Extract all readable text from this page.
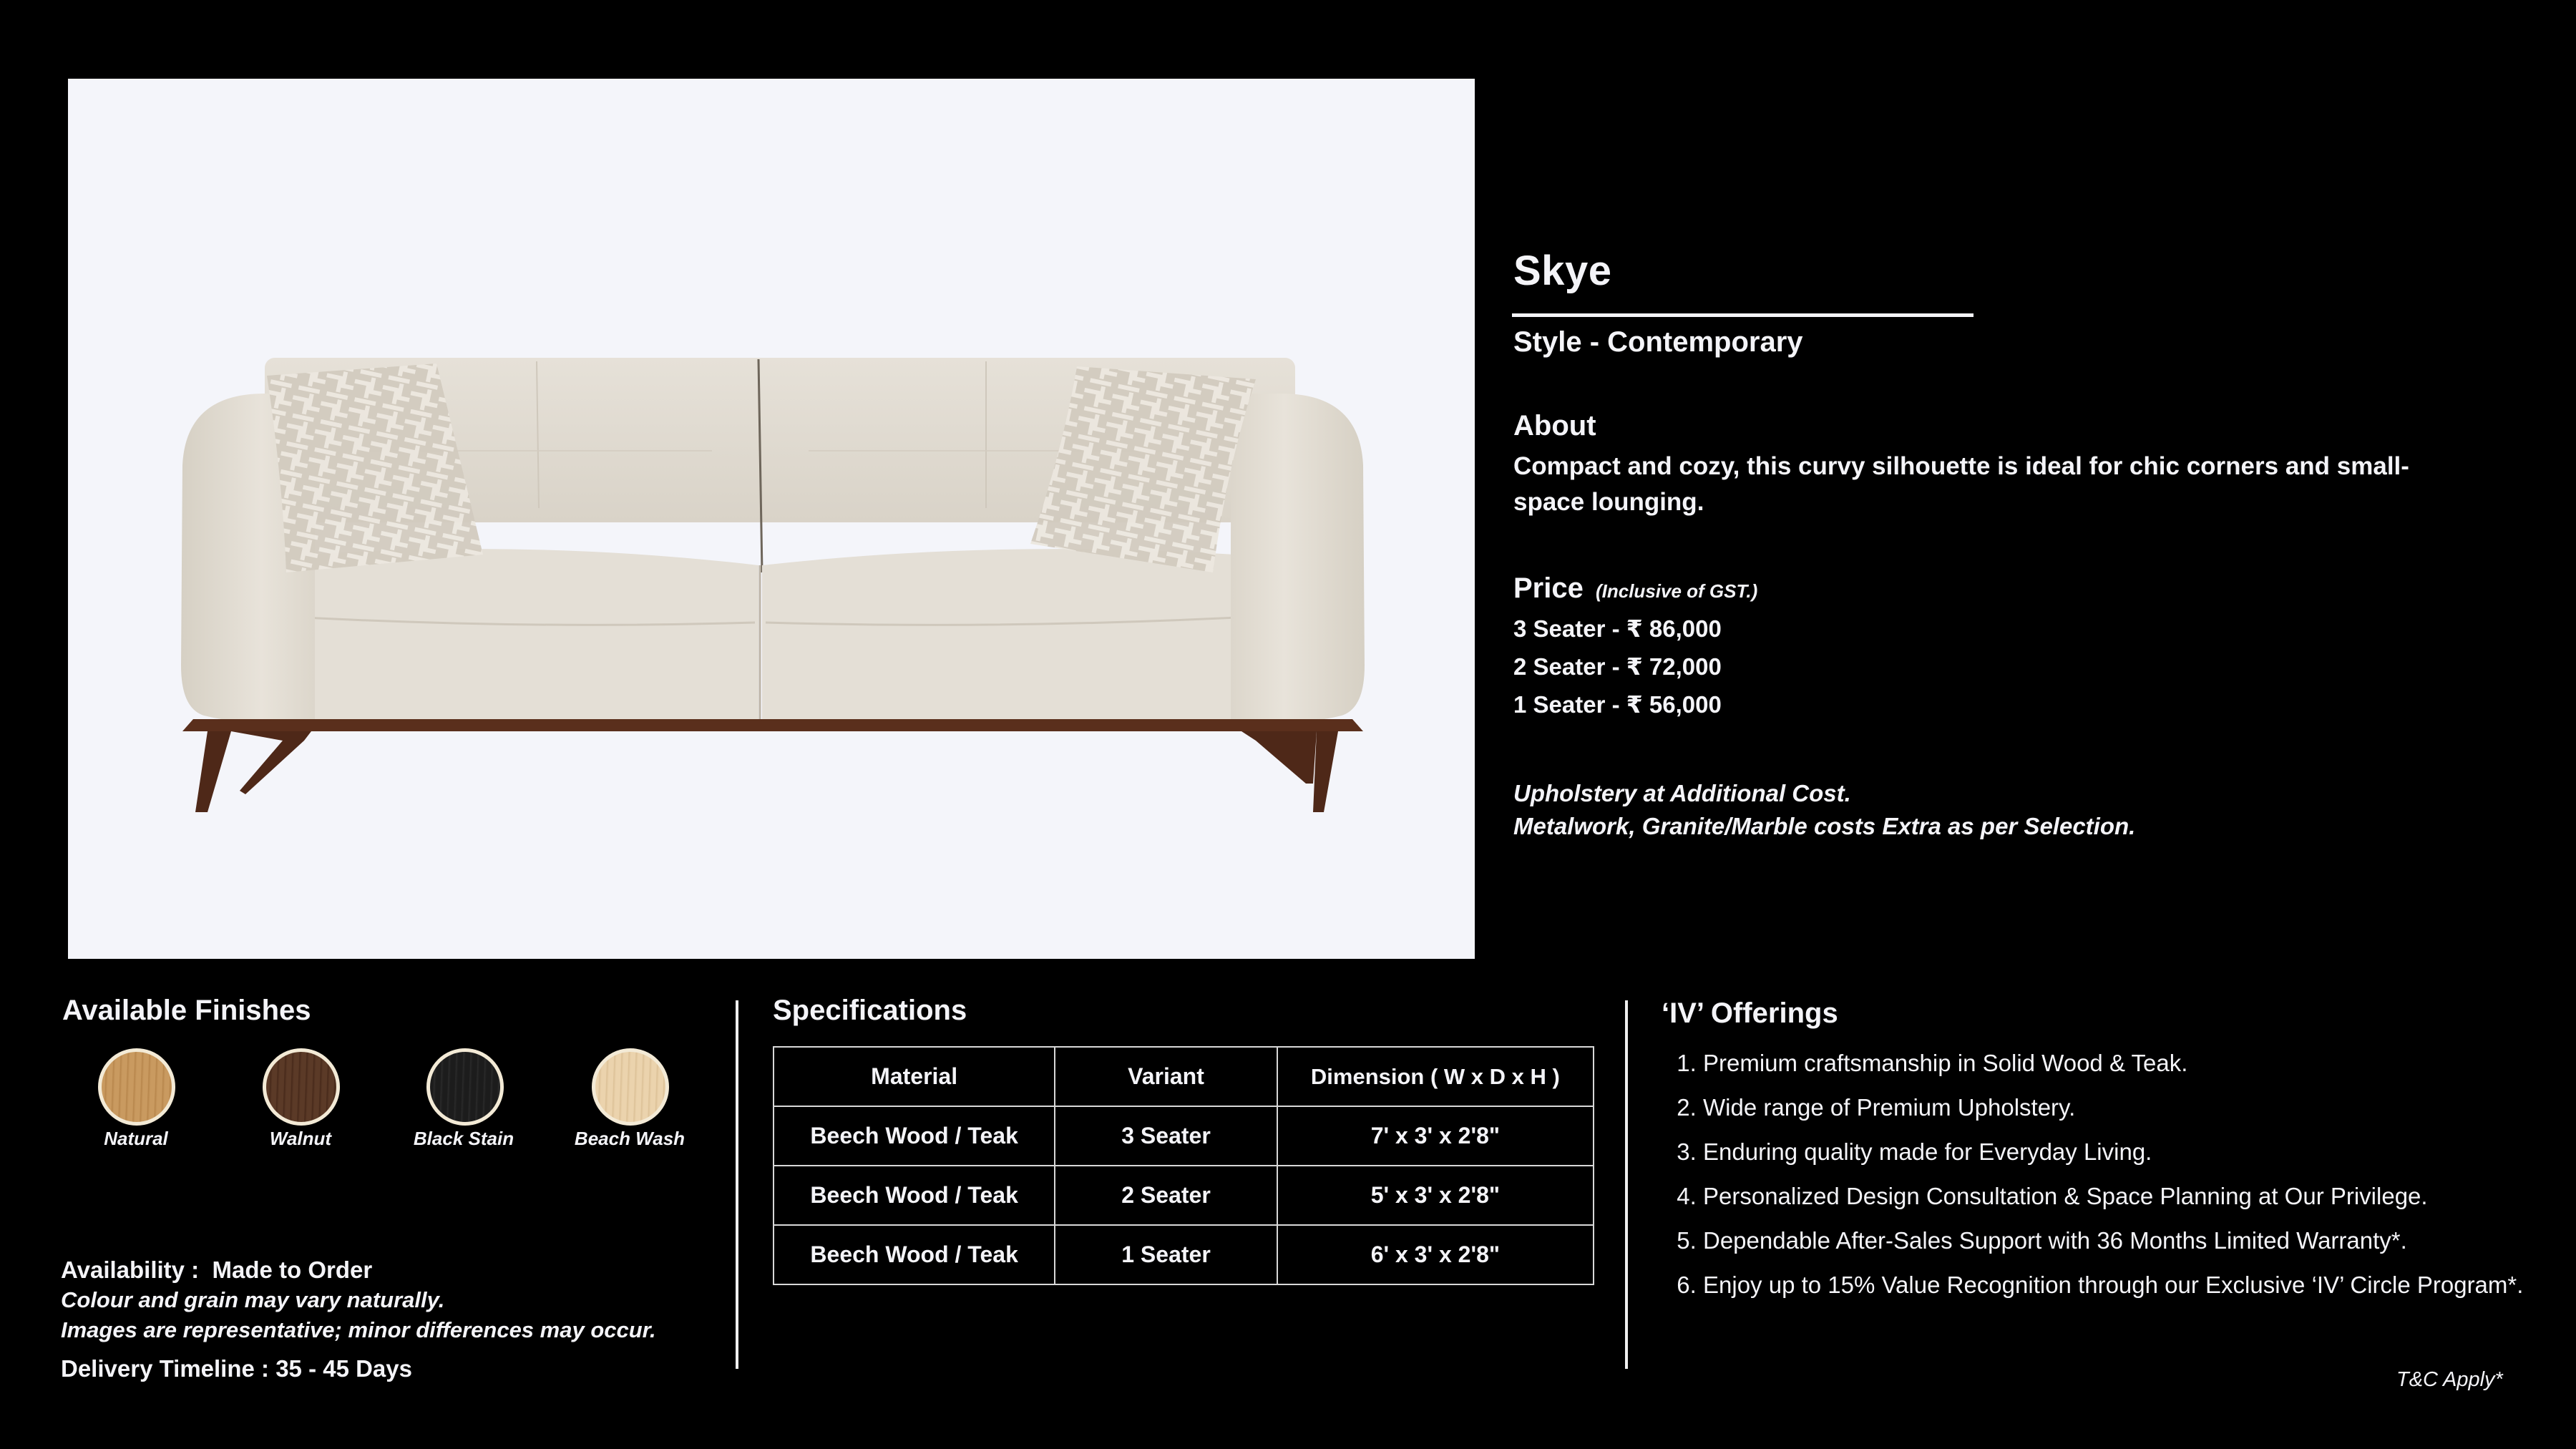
Skye
Style - Contemporary
About
Compact and cozy, this curvy silhouette is ideal for chic corners and small-space lounging.
Price (Inclusive of GST.)
3 Seater - ₹ 86,000
2 Seater - ₹ 72,000
1 Seater - ₹ 56,000
Upholstery at Additional Cost.
Metalwork, Granite/Marble costs Extra as per Selection.
Available Finishes
Natural	Walnut	Black Stain	Beach Wash

Availability :  Made to Order

Delivery Timeline : 35 - 45 Days

Colour and grain may vary naturally.
Images are representative; minor differences may occur.
Specifications
Material	Variant	Dimension ( W x D x H )
Beech Wood / Teak	3 Seater	7' x 3' x 2'8"
Beech Wood / Teak	2 Seater	5' x 3' x 2'8"
Beech Wood / Teak	1 Seater	6' x 3' x 2'8"
‘IV’ Offerings
1. Premium craftsmanship in Solid Wood & Teak.
2. Wide range of Premium Upholstery.
3. Enduring quality made for Everyday Living.
4. Personalized Design Consultation & Space Planning at Our Privilege.
5. Dependable After-Sales Support with 36 Months Limited Warranty*.
6. Enjoy up to 15% Value Recognition through our Exclusive ‘IV’ Circle Program*.
T&C Apply*
